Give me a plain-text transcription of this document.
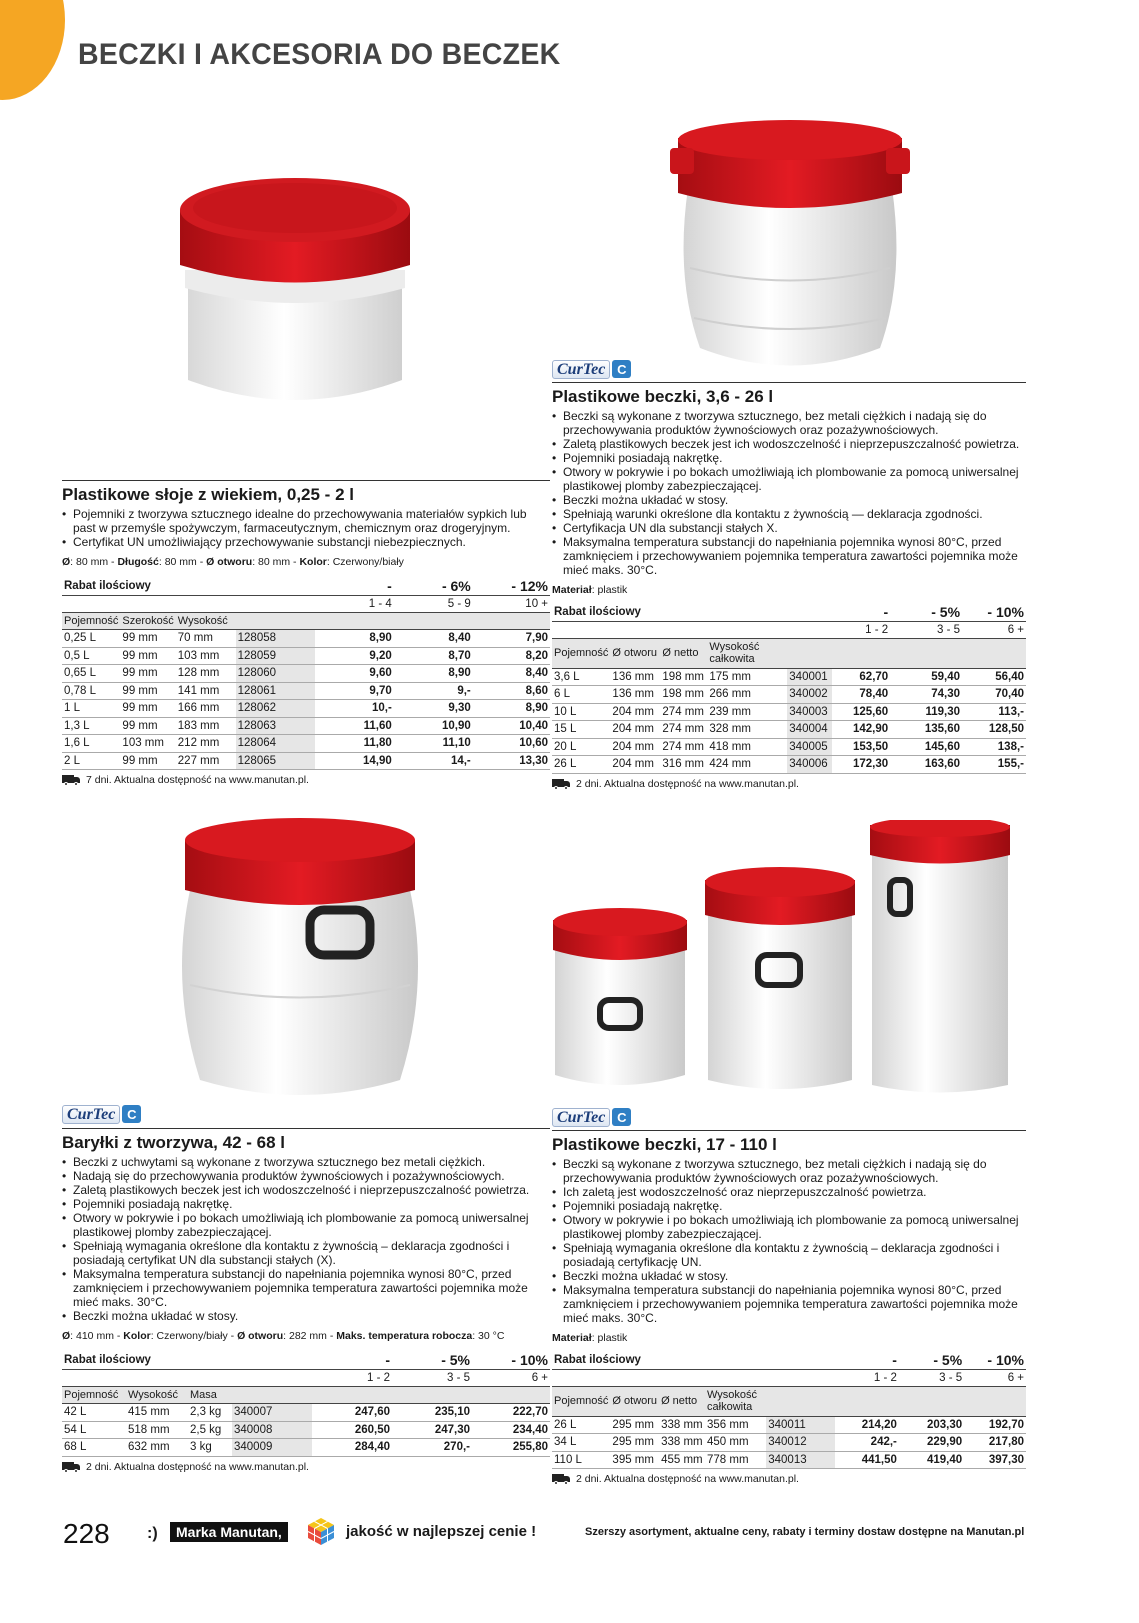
BECZKI I AKCESORIA DO BECZEK
CurTec C
CurTec C	CurTec C
Plastikowe słoje z wiekiem, 0,25 - 2 l
• Pojemniki z tworzywa sztucznego idealne do przechowywania materiałów sypkich lub past w przemyśle spożywczym, farmaceutycznym, chemicznym oraz drogeryjnym.
• Certyfikat UN umożliwiający przechowywanie substancji niebezpiecznych.
Ø: 80 mm - Długość: 80 mm - Ø otworu: 80 mm - Kolor: Czerwony/biały
Rabat ilościowy				-	- 6%	- 12%
				1 - 4	5 - 9	10 +
Pojemność	Szerokość	Wysokość				
0,25 L	99 mm	70 mm	128058	8,90	8,40	7,90
0,5 L	99 mm	103 mm	128059	9,20	8,70	8,20
0,65 L	99 mm	128 mm	128060	9,60	8,90	8,40
0,78 L	99 mm	141 mm	128061	9,70	9,-	8,60
1 L	99 mm	166 mm	128062	10,-	9,30	8,90
1,3 L	99 mm	183 mm	128063	11,60	10,90	10,40
1,6 L	103 mm	212 mm	128064	11,80	11,10	10,60
2 L	99 mm	227 mm	128065	14,90	14,-	13,30
7 dni. Aktualna dostępność na www.manutan.pl.
Plastikowe beczki, 3,6 - 26 l
• Beczki są wykonane z tworzywa sztucznego, bez metali ciężkich i nadają się do przechowywania produktów żywnościowych oraz pozażywnościowych.
• Zaletą plastikowych beczek jest ich wodoszczelność i nieprzepuszczalność powietrza.
• Pojemniki posiadają nakrętkę.
• Otwory w pokrywie i po bokach umożliwiają ich plombowanie za pomocą uniwersalnej plastikowej plomby zabezpieczającej.
• Beczki można układać w stosy.
• Spełniają warunki określone dla kontaktu z żywnością — deklaracja zgodności.
• Certyfikacja UN dla substancji stałych X.
• Maksymalna temperatura substancji do napełniania pojemnika wynosi 80°C, przed zamknięciem i przechowywaniem pojemnika temperatura zawartości pojemnika może mieć maks. 30°C.
Materiał: plastik
Rabat ilościowy					-	- 5%	- 10%
					1 - 2	3 - 5	6 +
Pojemność	Ø otworu	Ø netto	Wysokość całkowita				
3,6 L	136 mm	198 mm	175 mm	340001	62,70	59,40	56,40
6 L	136 mm	198 mm	266 mm	340002	78,40	74,30	70,40
10 L	204 mm	274 mm	239 mm	340003	125,60	119,30	113,-
15 L	204 mm	274 mm	328 mm	340004	142,90	135,60	128,50
20 L	204 mm	274 mm	418 mm	340005	153,50	145,60	138,-
26 L	204 mm	316 mm	424 mm	340006	172,30	163,60	155,-
2 dni. Aktualna dostępność na www.manutan.pl.
Baryłki z tworzywa, 42 - 68 l
• Beczki z uchwytami są wykonane z tworzywa sztucznego bez metali ciężkich.
• Nadają się do przechowywania produktów żywnościowych i pozażywnościowych.
• Zaletą plastikowych beczek jest ich wodoszczelność i nieprzepuszczalność powietrza.
• Pojemniki posiadają nakrętkę.
• Otwory w pokrywie i po bokach umożliwiają ich plombowanie za pomocą uniwersalnej plastikowej plomby zabezpieczającej.
• Spełniają wymagania określone dla kontaktu z żywnością – deklaracja zgodności i posiadają certyfikat UN dla substancji stałych (X).
• Maksymalna temperatura substancji do napełniania pojemnika wynosi 80°C, przed zamknięciem i przechowywaniem pojemnika temperatura zawartości pojemnika może mieć maks. 30°C.
• Beczki można układać w stosy.
Ø: 410 mm - Kolor: Czerwony/biały - Ø otworu: 282 mm - Maks. temperatura robocza: 30 °C
Rabat ilościowy				-	- 5%	- 10%
				1 - 2	3 - 5	6 +
Pojemność	Wysokość	Masa				
42 L	415 mm	2,3 kg	340007	247,60	235,10	222,70
54 L	518 mm	2,5 kg	340008	260,50	247,30	234,40
68 L	632 mm	3 kg	340009	284,40	270,-	255,80
2 dni. Aktualna dostępność na www.manutan.pl.
Plastikowe beczki, 17 - 110 l
• Beczki są wykonane z tworzywa sztucznego, bez metali ciężkich i nadają się do przechowywania produktów żywnościowych oraz pozażywnościowych.
• Ich zaletą jest wodoszczelność oraz nieprzepuszczalność powietrza.
• Pojemniki posiadają nakrętkę.
• Otwory w pokrywie i po bokach umożliwiają ich plombowanie za pomocą uniwersalnej plastikowej plomby zabezpieczającej.
• Spełniają wymagania określone dla kontaktu z żywnością – deklaracja zgodności i posiadają certyfikację UN.
• Beczki można układać w stosy.
• Maksymalna temperatura substancji do napełniania pojemnika wynosi 80°C, przed zamknięciem i przechowywaniem pojemnika temperatura zawartości pojemnika może mieć maks. 30°C.
Materiał: plastik
Rabat ilościowy					-	- 5%	- 10%
					1 - 2	3 - 5	6 +
Pojemność	Ø otworu	Ø netto	Wysokość całkowita				
26 L	295 mm	338 mm	356 mm	340011	214,20	203,30	192,70
34 L	295 mm	338 mm	450 mm	340012	242,-	229,90	217,80
110 L	395 mm	455 mm	778 mm	340013	441,50	419,40	397,30
2 dni. Aktualna dostępność na www.manutan.pl.
228 :)	Marka Manutan,	jakość w najlepszej cenie !	Szerszy asortyment, aktualne ceny, rabaty i terminy dostaw dostępne na Manutan.pl
